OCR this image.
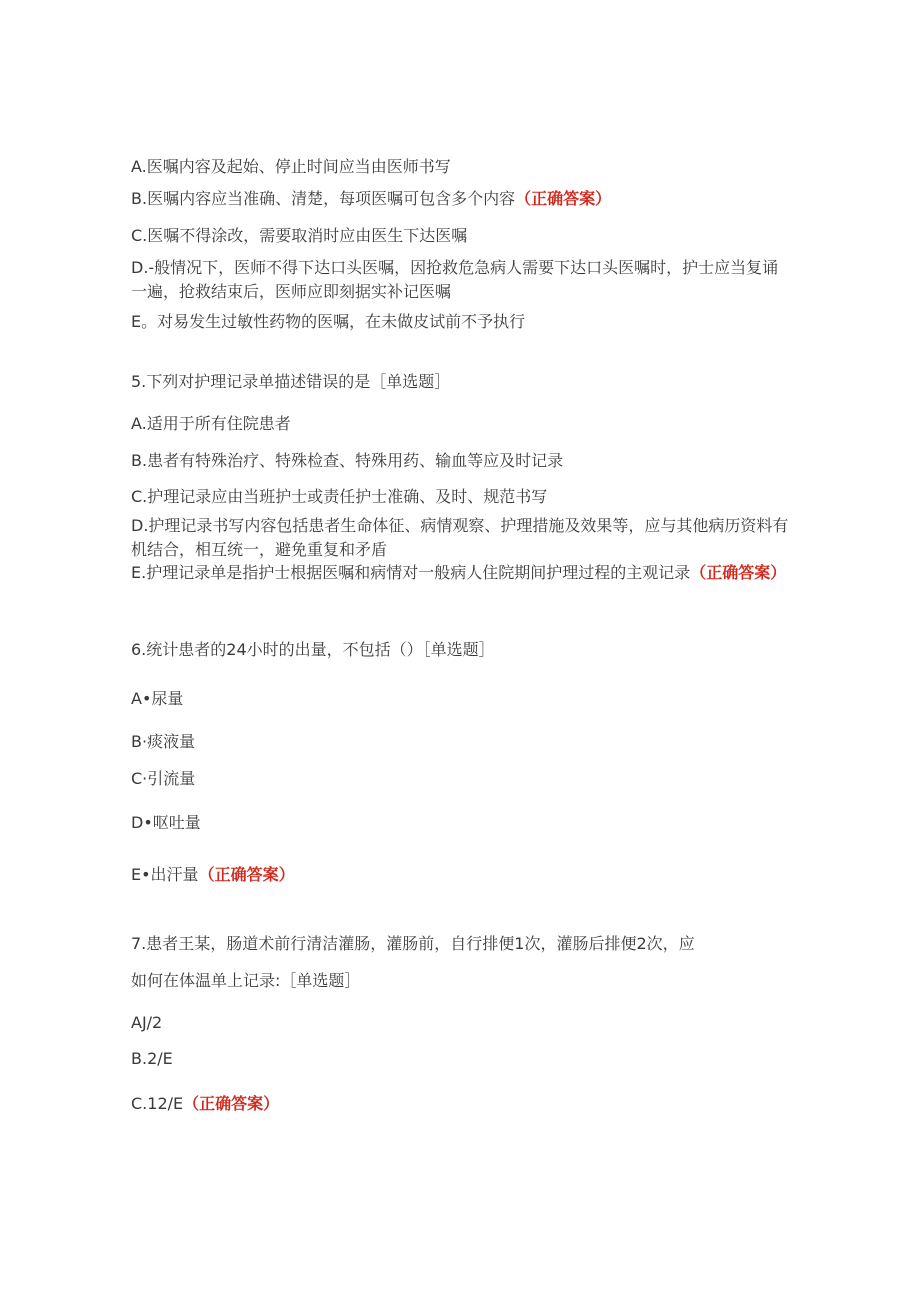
A.医嘱内容及起始、停止时间应当由医师书写
B.医嘱内容应当准确、清楚，每项医嘱可包含多个内容（正确答案）
C.医嘱不得涂改，需要取消时应由医生下达医嘱
D.-般情况下，医师不得下达口头医嘱，因抢救危急病人需要下达口头医嘱时，护士应当复诵一遍，抢救结束后，医师应即刻据实补记医嘱
E。对易发生过敏性药物的医嘱，在未做皮试前不予执行
5.下列对护理记录单描述错误的是［单选题］
A.适用于所有住院患者
B.患者有特殊治疗、特殊检查、特殊用药、输血等应及时记录
C.护理记录应由当班护士或责任护士准确、及时、规范书写
D.护理记录书写内容包括患者生命体征、病情观察、护理措施及效果等，应与其他病历资料有机结合，相互统一，避免重复和矛盾
E.护理记录单是指护士根据医嘱和病情对一般病人住院期间护理过程的主观记录（正确答案）
6.统计患者的24小时的出量，不包括（）［单选题］
A•尿量
B·痰液量
C·引流量
D•呕吐量
E•出汗量（正确答案）
7.患者王某，肠道术前行清洁灌肠，灌肠前，自行排便1次，灌肠后排便2次，应
如何在体温单上记录:［单选题］
AJ/2
B.2/E
C.12∕E（正确答案）
